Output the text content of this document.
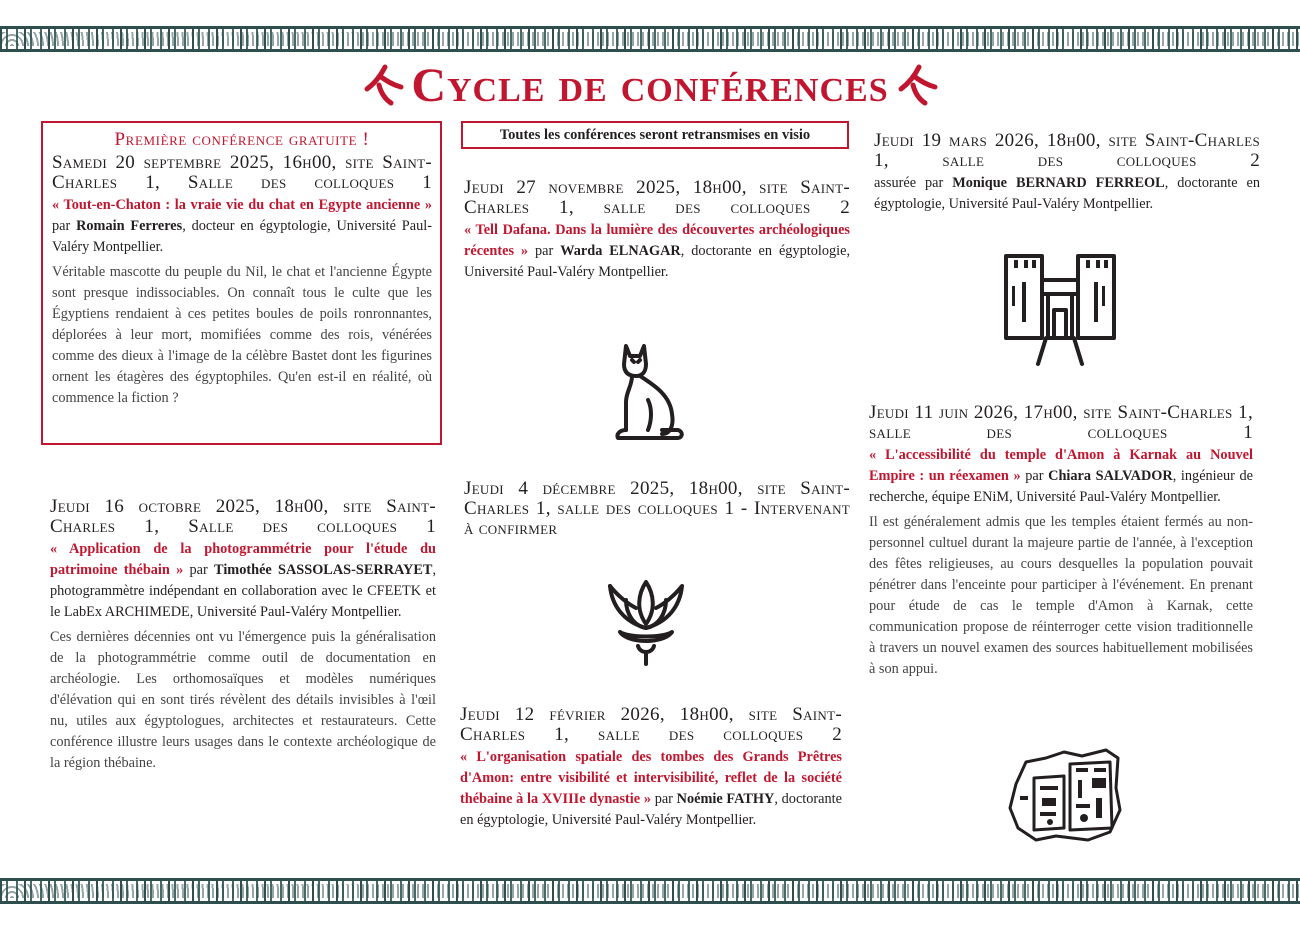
Cycle de conférences

Première conférence gratuite !

Samedi 20 septembre 2025, 16h00, site Saint-Charles 1, Salle des colloques 1

« Tout-en-Chaton : la vraie vie du chat en Egypte ancienne » par Romain Ferreres, docteur en égyptologie, Université Paul-Valéry Montpellier.

Véritable mascotte du peuple du Nil, le chat et l'ancienne Égypte sont presque indissociables. On connaît tous le culte que les Égyptiens rendaient à ces petites boules de poils ronronnantes, déplorées à leur mort, momifiées comme des rois, vénérées comme des dieux à l'image de la célèbre Bastet dont les figurines ornent les étagères des égyptophiles. Qu'en est-il en réalité, où commence la fiction ?

Jeudi 16 octobre 2025, 18h00, site Saint-Charles 1, Salle des colloques 1

« Application de la photogrammétrie pour l'étude du patrimoine thébain » par Timothée SASSOLAS-SERRAYET, photogrammètre indépendant en collaboration avec le CFEETK et le LabEx ARCHIMEDE, Université Paul-Valéry Montpellier.

Ces dernières décennies ont vu l'émergence puis la généralisation de la photogrammétrie comme outil de documentation en archéologie. Les orthomosaïques et modèles numériques d'élévation qui en sont tirés révèlent des détails invisibles à l'œil nu, utiles aux égyptologues, architectes et restaurateurs. Cette conférence illustre leurs usages dans le contexte archéologique de la région thébaine.

Toutes les conférences seront retransmises en visio

Jeudi 27 novembre 2025, 18h00, site Saint-Charles 1, salle des colloques 2

« Tell Dafana. Dans la lumière des découvertes archéologiques récentes » par Warda ELNAGAR, doctorante en égyptologie, Université Paul-Valéry Montpellier.

Jeudi 4 décembre 2025, 18h00, site Saint-Charles 1, salle des colloques 1 - Intervenant à confirmer

Jeudi 12 février 2026, 18h00, site Saint-Charles 1, salle des colloques 2

« L'organisation spatiale des tombes des Grands Prêtres d'Amon: entre visibilité et intervisibilité, reflet de la société thébaine à la XVIIIe dynastie » par Noémie FATHY, doctorante en égyptologie, Université Paul-Valéry Montpellier.

Jeudi 19 mars 2026, 18h00, site Saint-Charles 1, salle des colloques 2

assurée par Monique BERNARD FERREOL, doctorante en égyptologie, Université Paul-Valéry Montpellier.

Jeudi 11 juin 2026, 17h00, site Saint-Charles 1, salle des colloques 1

« L'accessibilité du temple d'Amon à Karnak au Nouvel Empire : un réexamen » par Chiara SALVADOR, ingénieur de recherche, équipe ENiM, Université Paul-Valéry Montpellier.

Il est généralement admis que les temples étaient fermés au non-personnel cultuel durant la majeure partie de l'année, à l'exception des fêtes religieuses, au cours desquelles la population pouvait pénétrer dans l'enceinte pour participer à l'événement. En prenant pour étude de cas le temple d'Amon à Karnak, cette communication propose de réinterroger cette vision traditionnelle à travers un nouvel examen des sources habituellement mobilisées à son appui.
